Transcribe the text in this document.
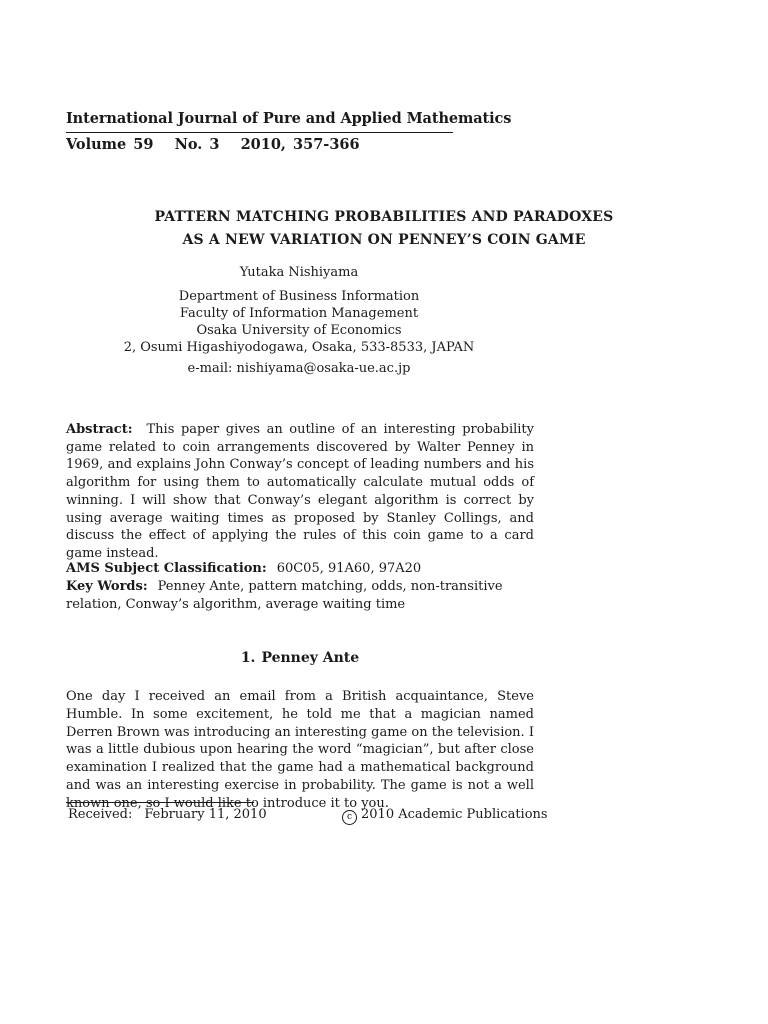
International Journal of Pure and Applied Mathematics
Volume 59   No. 3   2010, 357-366
PATTERN MATCHING PROBABILITIES AND PARADOXES
AS A NEW VARIATION ON PENNEY’S COIN GAME
Yutaka Nishiyama
Department of Business Information
Faculty of Information Management
Osaka University of Economics
2, Osumi Higashiyodogawa, Osaka, 533-8533, JAPAN
e-mail: nishiyama@osaka-ue.ac.jp
Abstract: This paper gives an outline of an interesting probability game related to coin arrangements discovered by Walter Penney in 1969, and explains John Conway’s concept of leading numbers and his algorithm for using them to automatically calculate mutual odds of winning. I will show that Conway’s elegant algorithm is correct by using average waiting times as proposed by Stanley Collings, and discuss the effect of applying the rules of this coin game to a card game instead.
AMS Subject Classification: 60C05, 91A60, 97A20
Key Words: Penney Ante, pattern matching, odds, non-transitive relation, Conway’s algorithm, average waiting time
1. Penney Ante
One day I received an email from a British acquaintance, Steve Humble. In some excitement, he told me that a magician named Derren Brown was introducing an interesting game on the television. I was a little dubious upon hearing the word “magician”, but after close examination I realized that the game had a mathematical background and was an interesting exercise in probability. The game is not a well known one, so I would like to introduce it to you.
Received: February 11, 2010	c 2010 Academic Publications
